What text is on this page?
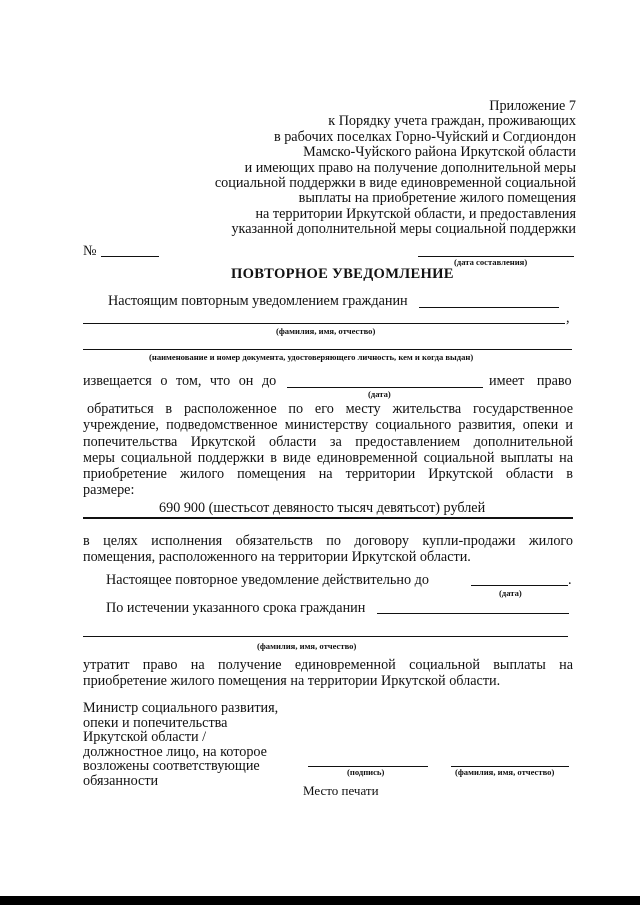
Приложение 7
к Порядку учета граждан, проживающих
в рабочих поселках Горно-Чуйский и Согдиондон
Мамско-Чуйского района Иркутской области
и имеющих право на получение дополнительной меры
социальной поддержки в виде единовременной социальной
выплаты на приобретение жилого помещения
на территории Иркутской области, и предоставления
указанной дополнительной меры социальной поддержки
№
(дата составления)
ПОВТОРНОЕ УВЕДОМЛЕНИЕ
Настоящим повторным уведомлением гражданин
,
(фамилия, имя, отчество)
(наименование и номер документа, удостоверяющего личность, кем и когда выдан)
извещается о том, что он до	имеет право
(дата)
обратиться в расположенное по его месту жительства государственное
учреждение, подведомственное министерству социального развития, опеки и
попечительства Иркутской области за предоставлением дополнительной
меры социальной поддержки в виде единовременной социальной выплаты на
приобретение жилого помещения на территории Иркутской области в
размере:
690 900 (шестьсот девяносто тысяч девятьсот) рублей
в целях исполнения обязательств по договору купли-продажи жилого
помещения, расположенного на территории Иркутской области.
Настоящее повторное уведомление действительно до	.
(дата)
По истечении указанного срока гражданин
(фамилия, имя, отчество)
утратит право на получение единовременной социальной выплаты на
приобретение жилого помещения на территории Иркутской области.
Министр социального развития,
опеки и попечительства
Иркутской области /
должностное лицо, на которое
возложены соответствующие
обязанности
(подпись)	(фамилия, имя, отчество)
Место печати
